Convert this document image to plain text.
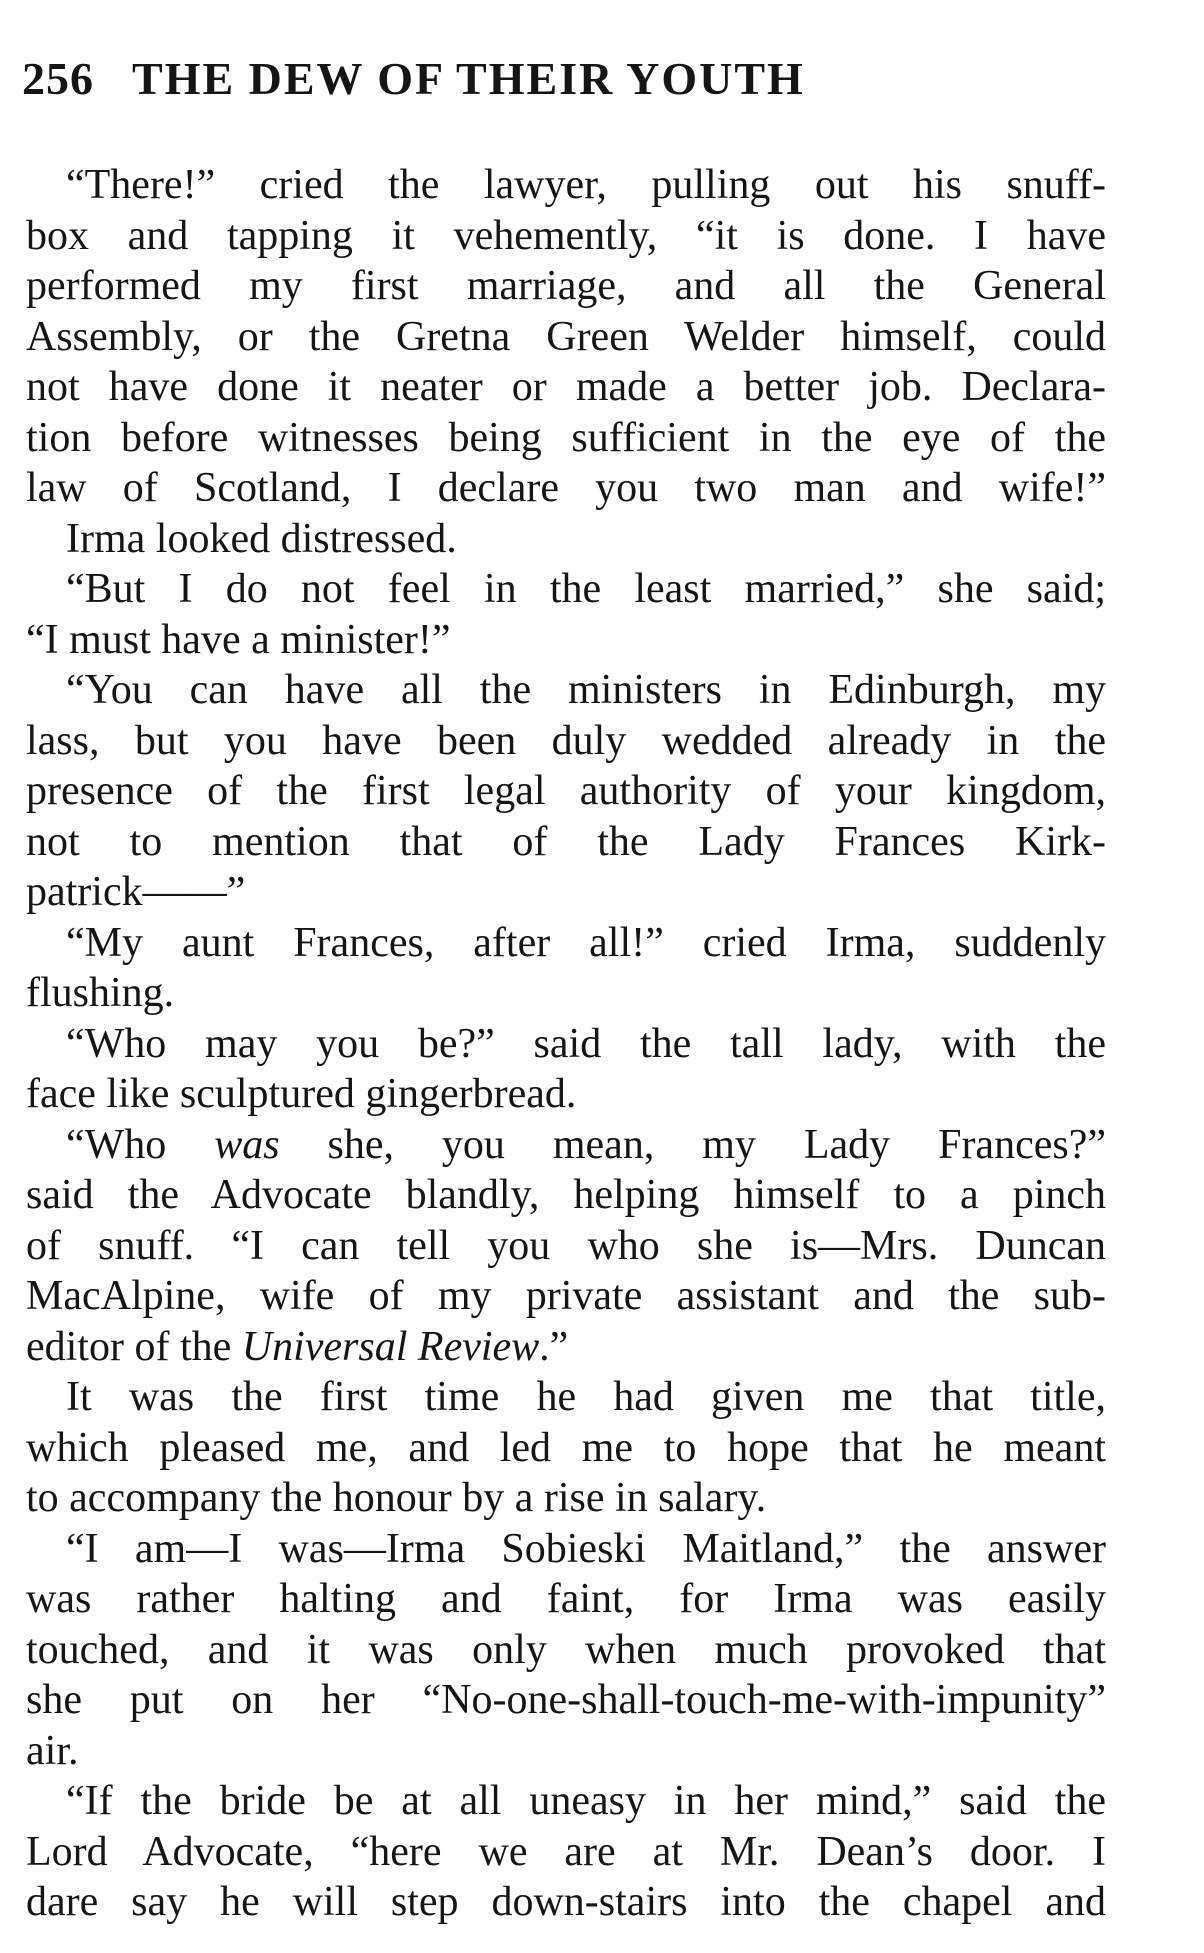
256 THE DEW OF THEIR YOUTH
“There!” cried the lawyer, pulling out his snuff-
box and tapping it vehemently, “it is done. I have
performed my first marriage, and all the General
Assembly, or the Gretna Green Welder himself, could
not have done it neater or made a better job. Declara-
tion before witnesses being sufficient in the eye of the
law of Scotland, I declare you two man and wife!”
Irma looked distressed.
“But I do not feel in the least married,” she said;
“I must have a minister!”
“You can have all the ministers in Edinburgh, my
lass, but you have been duly wedded already in the
presence of the first legal authority of your kingdom,
not to mention that of the Lady Frances Kirk-
patrick——”
“My aunt Frances, after all!” cried Irma, suddenly
flushing.
“Who may you be?” said the tall lady, with the
face like sculptured gingerbread.
“Who was she, you mean, my Lady Frances?”
said the Advocate blandly, helping himself to a pinch
of snuff. “I can tell you who she is—Mrs. Duncan
MacAlpine, wife of my private assistant and the sub-
editor of the Universal Review.”
It was the first time he had given me that title,
which pleased me, and led me to hope that he meant
to accompany the honour by a rise in salary.
“I am—I was—Irma Sobieski Maitland,” the answer
was rather halting and faint, for Irma was easily
touched, and it was only when much provoked that
she put on her “No-one-shall-touch-me-with-impunity”
air.
“If the bride be at all uneasy in her mind,” said the
Lord Advocate, “here we are at Mr. Dean’s door. I
dare say he will step down-stairs into the chapel and
